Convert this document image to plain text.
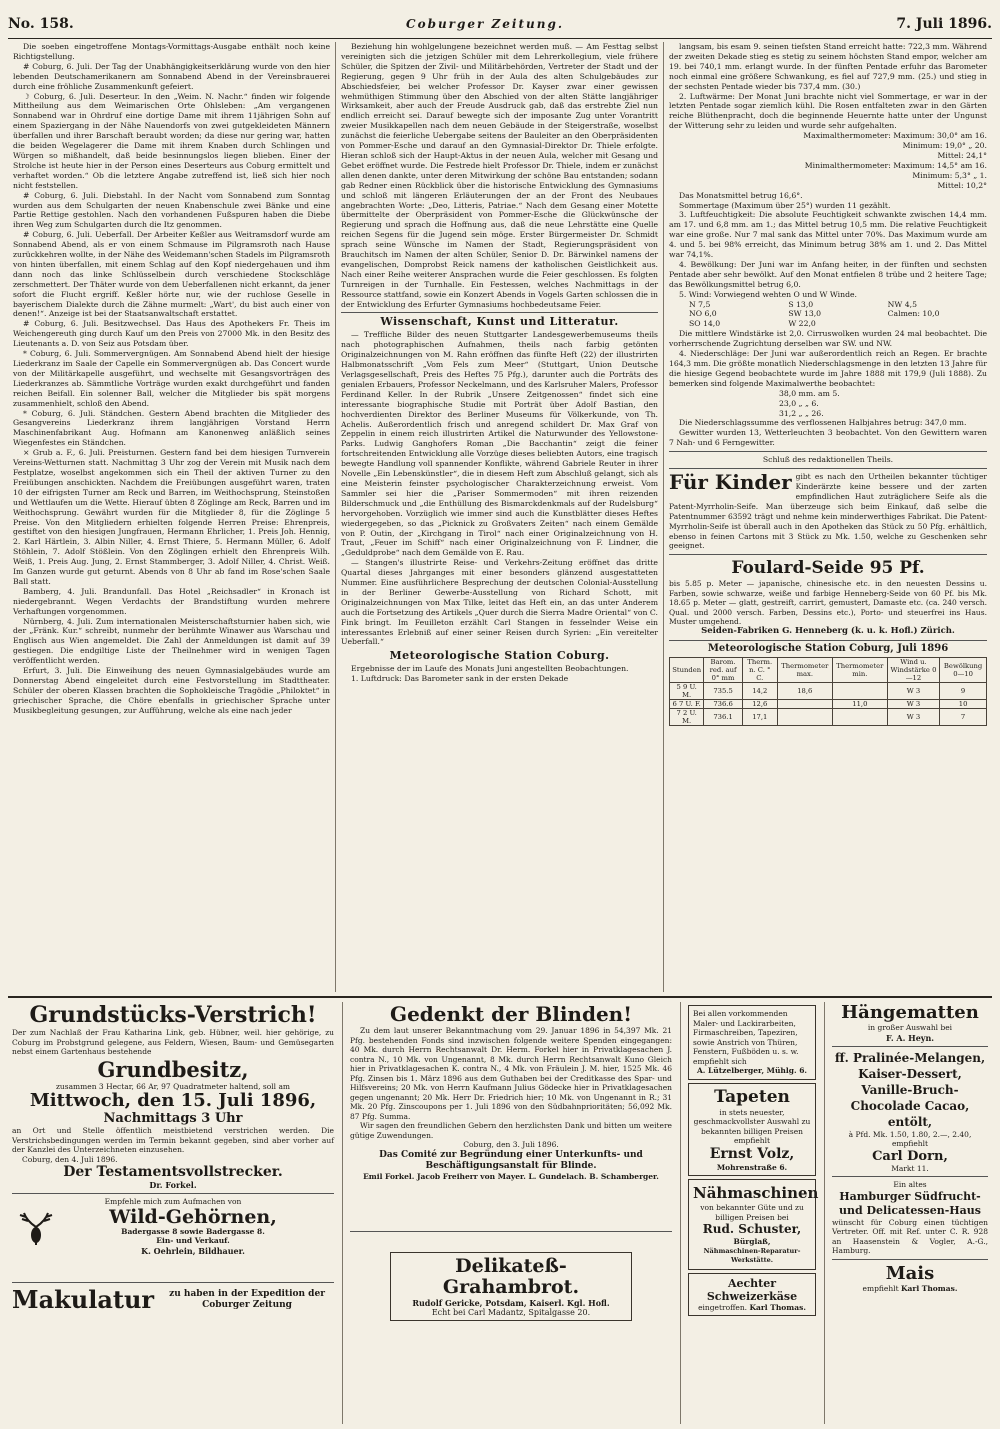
No. 158.	Coburger Zeitung.	7. Juli 1896.

Die soeben eingetroffene Montags-Vormittags-Ausgabe enthält noch keine Richtigstellung.

# Coburg, 6. Juli. Der Tag der Unabhängigkeitserklärung wurde von den hier lebenden Deutschamerikanern am Sonnabend Abend in der Vereinsbrauerei durch eine fröhliche Zusammenkunft gefeiert.

☽ Coburg, 6. Juli. Deserteur. In den „Weim. N. Nachr.“ finden wir folgende Mittheilung aus dem Weimarischen Orte Ohlsleben: „Am vergangenen Sonnabend war in Ohrdruf eine dortige Dame mit ihrem 11jährigen Sohn auf einem Spaziergang in der Nähe Nauendorfs von zwei gutgekleideten Männern überfallen und ihrer Barschaft beraubt worden; da diese nur gering war, hatten die beiden Wegelagerer die Dame mit ihrem Knaben durch Schlingen und Würgen so mißhandelt, daß beide besinnungslos liegen blieben. Einer der Strolche ist heute hier in der Person eines Deserteurs aus Coburg ermittelt und verhaftet worden.“ Ob die letztere Angabe zutreffend ist, ließ sich hier noch nicht feststellen.

# Coburg, 6. Juli. Diebstahl. In der Nacht vom Sonnabend zum Sonntag wurden aus dem Schulgarten der neuen Knabenschule zwei Bänke und eine Partie Rettige gestohlen. Nach den vorhandenen Fußspuren haben die Diebe ihren Weg zum Schulgarten durch die Itz genommen.

# Coburg, 6. Juli. Ueberfall. Der Arbeiter Keßler aus Weitramsdorf wurde am Sonnabend Abend, als er von einem Schmause im Pilgramsroth nach Hause zurückkehren wollte, in der Nähe des Weidemann'schen Stadels im Pilgramsroth von hinten überfallen, mit einem Schlag auf den Kopf niedergehauen und ihm dann noch das linke Schlüsselbein durch verschiedene Stockschläge zerschmettert. Der Thäter wurde von dem Ueberfallenen nicht erkannt, da jener sofort die Flucht ergriff. Keßler hörte nur, wie der ruchlose Geselle in bayerischem Dialekte durch die Zähne murmelt: „Wart', du bist auch einer von denen!“. Anzeige ist bei der Staatsanwaltschaft erstattet.

# Coburg, 6. Juli. Besitzwechsel. Das Haus des Apothekers Fr. Theis im Weichengereuth ging durch Kauf um den Preis von 27000 Mk. in den Besitz des Lieutenants a. D. von Seiz aus Potsdam über.

* Coburg, 6. Juli. Sommervergnügen. Am Sonnabend Abend hielt der hiesige Liederkranz im Saale der Capelle ein Sommervergnügen ab. Das Concert wurde von der Militärkapelle ausgeführt, und wechselte mit Gesangsvorträgen des Liederkranzes ab. Sämmtliche Vorträge wurden exakt durchgeführt und fanden reichen Beifall. Ein solenner Ball, welcher die Mitglieder bis spät morgens zusammenhielt, schloß den Abend.

* Coburg, 6. Juli. Ständchen. Gestern Abend brachten die Mitglieder des Gesangvereins Liederkranz ihrem langjährigen Vorstand Herrn Maschinenfabrikant Aug. Hofmann am Kanonenweg anläßlich seines Wiegenfestes ein Ständchen.

× Grub a. F., 6. Juli. Preisturnen. Gestern fand bei dem hiesigen Turnverein Vereins-Wetturnen statt. Nachmittag 3 Uhr zog der Verein mit Musik nach dem Festplatze, woselbst angekommen sich ein Theil der aktiven Turner zu den Freiübungen anschickten. Nachdem die Freiübungen ausgeführt waren, traten 10 der eifrigsten Turner am Reck und Barren, im Weithochsprung, Steinstoßen und Wettlaufen um die Wette. Hierauf übten 8 Zöglinge am Reck, Barren und im Weithochsprung. Gewährt wurden für die Mitglieder 8, für die Zöglinge 5 Preise. Von den Mitgliedern erhielten folgende Herren Preise: Ehrenpreis, gestiftet von den hiesigen Jungfrauen, Hermann Ehrlicher, 1. Preis Joh. Hennig, 2. Karl Härtlein, 3. Albin Niller, 4. Ernst Thiere, 5. Hermann Müller, 6. Adolf Stöhlein, 7. Adolf Stößlein. Von den Zöglingen erhielt den Ehrenpreis Wilh. Weiß, 1. Preis Aug. Jung, 2. Ernst Stammberger, 3. Adolf Niller, 4. Christ. Weiß. Im Ganzen wurde gut geturnt. Abends von 8 Uhr ab fand im Rose'schen Saale Ball statt.

Bamberg, 4. Juli. Brandunfall. Das Hotel „Reichsadler“ in Kronach ist niedergebrannt. Wegen Verdachts der Brandstiftung wurden mehrere Verhaftungen vorgenommen.

Nürnberg, 4. Juli. Zum internationalen Meisterschaftsturnier haben sich, wie der „Fränk. Kur.“ schreibt, nunmehr der berühmte Winawer aus Warschau und Englisch aus Wien angemeldet. Die Zahl der Anmeldungen ist damit auf 39 gestiegen. Die endgiltige Liste der Theilnehmer wird in wenigen Tagen veröffentlicht werden.

Erfurt, 3. Juli. Die Einweihung des neuen Gymnasialgebäudes wurde am Donnerstag Abend eingeleitet durch eine Festvorstellung im Stadttheater. Schüler der oberen Klassen brachten die Sophokleische Tragödie „Philoktet“ in griechischer Sprache, die Chöre ebenfalls in griechischer Sprache unter Musikbegleitung gesungen, zur Aufführung, welche als eine nach jeder

Beziehung hin wohlgelungene bezeichnet werden muß. — Am Festtag selbst vereinigten sich die jetzigen Schüler mit dem Lehrerkollegium, viele frühere Schüler, die Spitzen der Zivil- und Militärbehörden, Vertreter der Stadt und der Regierung, gegen 9 Uhr früh in der Aula des alten Schulgebäudes zur Abschiedsfeier, bei welcher Professor Dr. Kayser zwar einer gewissen wehmüthigen Stimmung über den Abschied von der alten Stätte langjähriger Wirksamkeit, aber auch der Freude Ausdruck gab, daß das erstrebte Ziel nun endlich erreicht sei. Darauf bewegte sich der imposante Zug unter Vorantritt zweier Musikkapellen nach dem neuen Gebäude in der Steigerstraße, woselbst zunächst die feierliche Uebergabe seitens der Bauleiter an den Oberpräsidenten von Pommer-Esche und darauf an den Gymnasial-Direktor Dr. Thiele erfolgte. Hieran schloß sich der Haupt-Aktus in der neuen Aula, welcher mit Gesang und Gebet eröffnet wurde. Die Festrede hielt Professor Dr. Thiele, indem er zunächst allen denen dankte, unter deren Mitwirkung der schöne Bau entstanden; sodann gab Redner einen Rückblick über die historische Entwicklung des Gymnasiums und schloß mit längeren Erläuterungen der an der Front des Neubaues angebrachten Worte: „Deo, Litteris, Patriae.“ Nach dem Gesang einer Motette übermittelte der Oberpräsident von Pommer-Esche die Glückwünsche der Regierung und sprach die Hoffnung aus, daß die neue Lehrstätte eine Quelle reichen Segens für die Jugend sein möge. Erster Bürgermeister Dr. Schmidt sprach seine Wünsche im Namen der Stadt, Regierungspräsident von Brauchitsch im Namen der alten Schüler, Senior D. Dr. Bärwinkel namens der evangelischen, Domprobst Reick namens der katholischen Geistlichkeit aus. Nach einer Reihe weiterer Ansprachen wurde die Feier geschlossen. Es folgten Turnreigen in der Turnhalle. Ein Festessen, welches Nachmittags in der Ressource stattfand, sowie ein Konzert Abends in Vogels Garten schlossen die in der Entwicklung des Erfurter Gymnasiums hochbedeutsame Feier.

Wissenschaft, Kunst und Litteratur.

— Treffliche Bilder des neuen Stuttgarter Landesgewerbemuseums theils nach photographischen Aufnahmen, theils nach farbig getönten Originalzeichnungen von M. Rahn eröffnen das fünfte Heft (22) der illustrirten Halbmonatsschrift „Vom Fels zum Meer“ (Stuttgart, Union Deutsche Verlagsgesellschaft, Preis des Heftes 75 Pfg.), darunter auch die Porträts des genialen Erbauers, Professor Neckelmann, und des Karlsruher Malers, Professor Ferdinand Keller. In der Rubrik „Unsere Zeitgenossen“ findet sich eine interessante biographische Studie mit Porträt über Adolf Bastian, den hochverdienten Direktor des Berliner Museums für Völkerkunde, von Th. Achelis. Außerordentlich frisch und anregend schildert Dr. Max Graf von Zeppelin in einem reich illustrirten Artikel die Naturwunder des Yellowstone-Parks. Ludwig Ganghofers Roman „Die Bacchantin“ zeigt die feiner fortschreitenden Entwicklung alle Vorzüge dieses beliebten Autors, eine tragisch bewegte Handlung voll spannender Konflikte, während Gabriele Reuter in ihrer Novelle „Ein Lebenskünstler“, die in diesem Heft zum Abschluß gelangt, sich als eine Meisterin feinster psychologischer Charakterzeichnung erweist. Vom Sammler sei hier die „Pariser Sommermoden“ mit ihren reizenden Bilderschmuck und „die Enthüllung des Bismarckdenkmals auf der Rudelsburg“ hervorgehoben. Vorzüglich wie immer sind auch die Kunstblätter dieses Heftes wiedergegeben, so das „Picknick zu Großvaters Zeiten“ nach einem Gemälde von P. Outin, der „Kirchgang in Tirol“ nach einer Originalzeichnung von H. Traut, „Feuer im Schiff“ nach einer Originalzeichnung von F. Lindner, die „Geduldprobe“ nach dem Gemälde von E. Rau.

— Stangen's illustrirte Reise- und Verkehrs-Zeitung eröffnet das dritte Quartal dieses Jahrganges mit einer besonders glänzend ausgestatteten Nummer. Eine ausführlichere Besprechung der deutschen Colonial-Ausstellung in der Berliner Gewerbe-Ausstellung von Richard Schott, mit Originalzeichnungen von Max Tilke, leitet das Heft ein, an das unter Anderem auch die Fortsetzung des Artikels „Quer durch die Sierra Madre Oriental“ von C. Fink bringt. Im Feuilleton erzählt Carl Stangen in fesselnder Weise ein interessantes Erlebniß auf einer seiner Reisen durch Syrien: „Ein vereitelter Ueberfall.“

Meteorologische Station Coburg.

Ergebnisse der im Laufe des Monats Juni angestellten Beobachtungen.

1. Luftdruck: Das Barometer sank in der ersten Dekade

langsam, bis esam 9. seinen tiefsten Stand erreicht hatte: 722,3 mm. Während der zweiten Dekade stieg es stetig zu seinem höchsten Stand empor, welcher am 19. bei 740,1 mm. erlangt wurde. In der fünften Pentade erfuhr das Barometer noch einmal eine größere Schwankung, es fiel auf 727,9 mm. (25.) und stieg in der sechsten Pentade wieder bis 737,4 mm. (30.)

2. Luftwärme: Der Monat Juni brachte nicht viel Sommertage, er war in der letzten Pentade sogar ziemlich kühl. Die Rosen entfalteten zwar in den Gärten reiche Blüthenpracht, doch die beginnende Heuernte hatte unter der Ungunst der Witterung sehr zu leiden und wurde sehr aufgehalten.

Maximalthermometer: Maximum: 30,0° am 16.
Minimum: 19,0° „ 20.
Mittel: 24,1°
Minimalthermometer: Maximum: 14,5° am 16.
Minimum: 5,3° „ 1.
Mittel: 10,2°

Das Monatsmittel betrug 16,6°.

Sommertage (Maximum über 25°) wurden 11 gezählt.

3. Luftfeuchtigkeit: Die absolute Feuchtigkeit schwankte zwischen 14,4 mm. am 17. und 6,8 mm. am 1.; das Mittel betrug 10,5 mm. Die relative Feuchtigkeit war eine große. Nur 7 mal sank das Mittel unter 70%. Das Maximum wurde am 4. und 5. bei 98% erreicht, das Minimum betrug 38% am 1. und 2. Das Mittel war 74,1%.

4. Bewölkung: Der Juni war im Anfang heiter, in der fünften und sechsten Pentade aber sehr bewölkt. Auf den Monat entfielen 8 trübe und 2 heitere Tage; das Bewölkungsmittel betrug 6,0.

5. Wind: Vorwiegend wehten O und W Winde.

N 7,5	S 13,0	NW 4,5
NO 6,0	SW 13,0	Calmen: 10,0
SO 14,0	W 22,0

Die mittlere Windstärke ist 2,0. Cirruswolken wurden 24 mal beobachtet. Die vorherrschende Zugrichtung derselben war SW. und NW.

4. Niederschläge: Der Juni war außerordentlich reich an Regen. Er brachte 164,3 mm. Die größte monatlich Niederschlagsmenge in den letzten 13 Jahre für die hiesige Gegend beobachtete wurde im Jahre 1888 mit 179,9 (Juli 1888). Zu bemerken sind folgende Maximalwerthe beobachtet:

38,0 mm. am 5.
23,0 „ „ 6.
31,2 „ „ 26.

Die Niederschlagssumme des verflossenen Halbjahres betrug: 347,0 mm.

Gewitter wurden 13, Wetterleuchten 3 beobachtet. Von den Gewittern waren 7 Nah- und 6 Ferngewitter.

Schluß des redaktionellen Theils.
Für Kinder gibt es nach den Urtheilen bekannter tüchtiger Kinderärzte keine bessere und der zarten empfindlichen Haut zuträglichere Seife als die Patent-Myrrholin-Seife. Man überzeuge sich beim Einkauf, daß selbe die Patentnummer 63592 trägt und nehme kein minderwerthiges Fabrikat. Die Patent-Myrrholin-Seife ist überall auch in den Apotheken das Stück zu 50 Pfg. erhältlich, ebenso in feinen Cartons mit 3 Stück zu Mk. 1.50, welche zu Geschenken sehr geeignet.
Foulard-Seide 95 Pf.
bis 5.85 p. Meter — japanische, chinesische etc. in den neuesten Dessins u. Farben, sowie schwarze, weiße und farbige Henneberg-Seide von 60 Pf. bis Mk. 18.65 p. Meter — glatt, gestreift, carrirt, gemustert, Damaste etc. (ca. 240 versch. Qual. und 2000 versch. Farben, Dessins etc.), Porto- und steuerfrei ins Haus. Muster umgehend.
Seiden-Fabriken G. Henneberg (k. u. k. Hofl.) Zürich.
Meteorologische Station Coburg, Juli 1896
Stunden	Barom. red. auf 0° mm	Therm. n. C. ° C.	Thermometer max.	Thermometer min.	Wind u. Windstärke 0—12	Bewölkung 0—10
5 9 U. M.	735.5	14,2	18,6		W 3	9
6 7 U. F.	736.6	12,6		11,0	W 3	10
7 2 U. M.	736.1	17,1			W 3	7
Grundstücks-Verstrich!
Der zum Nachlaß der Frau Katharina Link, geb. Hübner, weil. hier gehörige, zu Coburg im Probstgrund gelegene, aus Feldern, Wiesen, Baum- und Gemüsegarten nebst einem Gartenhaus bestehende
Grundbesitz,
zusammen 3 Hectar, 66 Ar, 97 Quadratmeter haltend, soll am
Mittwoch, den 15. Juli 1896,
Nachmittags 3 Uhr
an Ort und Stelle öffentlich meistbietend verstrichen werden. Die Verstrichsbedingungen werden im Termin bekannt gegeben, sind aber vorher auf der Kanzlei des Unterzeichneten einzusehen.
Coburg, den 4. Juli 1896.
Der Testamentsvollstrecker.
Dr. Forkel.
Empfehle mich zum Aufmachen von
Wild-Gehörnen,
Badergasse 8 sowie Badergasse 8.
Ein- und Verkauf.
K. Oehrlein, Bildhauer.
Makulatur	zu haben in der Expedition der Coburger Zeitung
Gedenkt der Blinden!
Zu dem laut unserer Bekanntmachung vom 29. Januar 1896 in 54,397 Mk. 21 Pfg. bestehenden Fonds sind inzwischen folgende weitere Spenden eingegangen: 40 Mk. durch Herrn Rechtsanwalt Dr. Herm. Forkel hier in Privatklagesachen J. contra N., 10 Mk. von Ungenannt, 8 Mk. durch Herrn Rechtsanwalt Kuno Gleich hier in Privatklagesachen K. contra N., 4 Mk. von Fräulein J. M. hier, 1525 Mk. 46 Pfg. Zinsen bis 1. März 1896 aus dem Guthaben bei der Creditkasse des Spar- und Hilfsvereins; 20 Mk. von Herrn Kaufmann Julius Gödecke hier in Privatklagesachen gegen ungenannt; 20 Mk. Herr Dr. Friedrich hier; 10 Mk. von Ungenannt in R.; 31 Mk. 20 Pfg. Zinscoupons per 1. Juli 1896 von den Südbahnprioritäten; 56,092 Mk. 87 Pfg. Summa.
Wir sagen den freundlichen Gebern den herzlichsten Dank und bitten um weitere gütige Zuwendungen.
Coburg, den 3. Juli 1896.
Das Comité zur Begründung einer Unterkunfts- und Beschäftigungsanstalt für Blinde.
Emil Forkel. Jacob Freiherr von Mayer. L. Gundelach. B. Schamberger.
Delikateß-Grahambrot.
Rudolf Gericke, Potsdam, Kaiserl. Kgl. Hofl.
Echt bei Carl Madantz, Spitalgasse 20.
Bei allen vorkommenden Maler- und Lackirarbeiten, Firmaschreiben, Tapeziren, sowie Anstrich von Thüren, Fenstern, Fußböden u. s. w. empfiehlt sich
A. Lützelberger, Mühlg. 6.
Tapeten
in stets neuester, geschmackvollster Auswahl zu bekannten billigen Preisen empfiehlt
Ernst Volz,
Mohrenstraße 6.
Nähmaschinen
von bekannter Güte und zu billigen Preisen bei
Rud. Schuster,
Bürglaß,
Nähmaschinen-Reparatur-Werkstätte.
Aechter Schweizerkäse
eingetroffen. Karl Thomas.
Hängematten
in großer Auswahl bei
F. A. Heyn.
ff. Pralinée-Melangen, Kaiser-Dessert, Vanille-Bruch-Chocolade Cacao, entölt,
à Pfd. Mk. 1.50, 1.80, 2.—, 2.40, empfiehlt
Carl Dorn,
Markt 11.
Ein altes
Hamburger Südfrucht- und Delicatessen-Haus
wünscht für Coburg einen tüchtigen Vertreter. Off. mit Ref. unter C. R. 928 an Haasenstein & Vogler, A.-G., Hamburg.
Mais
empfiehlt Karl Thomas.
